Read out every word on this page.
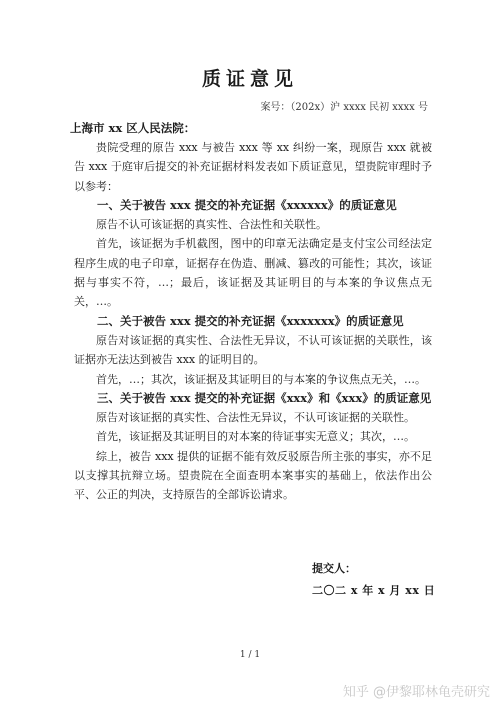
质证意见
案号：（202x）沪 xxxx 民初 xxxx 号
上海市 xx 区人民法院：

贵院受理的原告 xxx 与被告 xxx 等 xx 纠纷一案，现原告 xxx 就被告 xxx 于庭审后提交的补充证据材料发表如下质证意见，望贵院审理时予以参考：

一、关于被告 xxx 提交的补充证据《xxxxxx》的质证意见

原告不认可该证据的真实性、合法性和关联性。

首先，该证据为手机截图，图中的印章无法确定是支付宝公司经法定程序生成的电子印章，证据存在伪造、删减、篡改的可能性；其次，该证据与事实不符，…；最后，该证据及其证明目的与本案的争议焦点无关，…。

二、关于被告 xxx 提交的补充证据《xxxxxxx》的质证意见

原告对该证据的真实性、合法性无异议，不认可该证据的关联性，该证据亦无法达到被告 xxx 的证明目的。

首先，…；其次，该证据及其证明目的与本案的争议焦点无关，…。

三、关于被告 xxx 提交的补充证据《xxx》和《xxx》的质证意见

原告对该证据的真实性、合法性无异议，不认可该证据的关联性。

首先，该证据及其证明目的对本案的待证事实无意义；其次，…。

综上，被告 xxx 提供的证据不能有效反驳原告所主张的事实，亦不足以支撑其抗辩立场。望贵院在全面查明本案事实的基础上，依法作出公平、公正的判决，支持原告的全部诉讼请求。

提交人：
二〇二 x 年 x 月 xx 日
1 / 1
知乎 @伊黎耶林龟壳研究
